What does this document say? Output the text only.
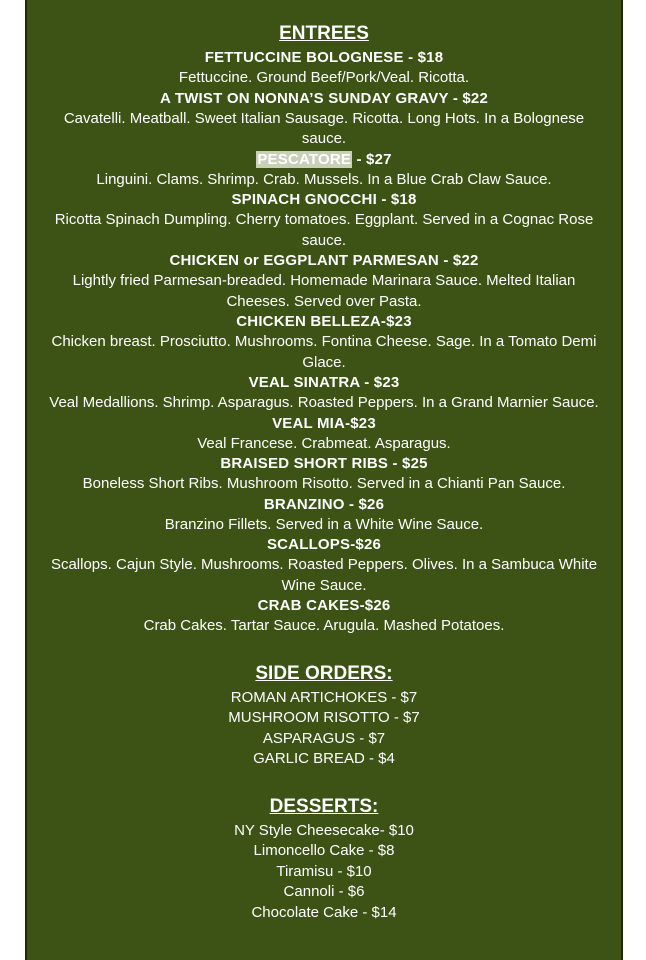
ENTREES
FETTUCCINE BOLOGNESE - $18
Fettuccine. Ground Beef/Pork/Veal. Ricotta.
A TWIST ON NONNA’S SUNDAY GRAVY - $22
Cavatelli. Meatball. Sweet Italian Sausage. Ricotta. Long Hots. In a Bolognese sauce.
PESCATORE - $27
Linguini. Clams. Shrimp. Crab. Mussels. In a Blue Crab Claw Sauce.
SPINACH GNOCCHI - $18
Ricotta Spinach Dumpling. Cherry tomatoes. Eggplant. Served in a Cognac Rose sauce.
CHICKEN or EGGPLANT PARMESAN - $22
Lightly fried Parmesan-breaded. Homemade Marinara Sauce. Melted Italian Cheeses. Served over Pasta.
CHICKEN BELLEZA-$23
Chicken breast. Prosciutto. Mushrooms. Fontina Cheese. Sage. In a Tomato Demi Glace.
VEAL SINATRA - $23
Veal Medallions. Shrimp. Asparagus. Roasted Peppers. In a Grand Marnier Sauce.
VEAL MIA-$23
Veal Francese. Crabmeat. Asparagus.
BRAISED SHORT RIBS - $25
Boneless Short Ribs. Mushroom Risotto. Served in a Chianti Pan Sauce.
BRANZINO - $26
Branzino Fillets. Served in a White Wine Sauce.
SCALLOPS-$26
Scallops. Cajun Style. Mushrooms. Roasted Peppers. Olives. In a Sambuca White Wine Sauce.
CRAB CAKES-$26
Crab Cakes. Tartar Sauce. Arugula. Mashed Potatoes.
SIDE ORDERS:
ROMAN ARTICHOKES - $7
MUSHROOM RISOTTO - $7
ASPARAGUS - $7
GARLIC BREAD - $4
DESSERTS:
NY Style Cheesecake- $10
Limoncello Cake - $8
Tiramisu - $10
Cannoli - $6
Chocolate Cake - $14
